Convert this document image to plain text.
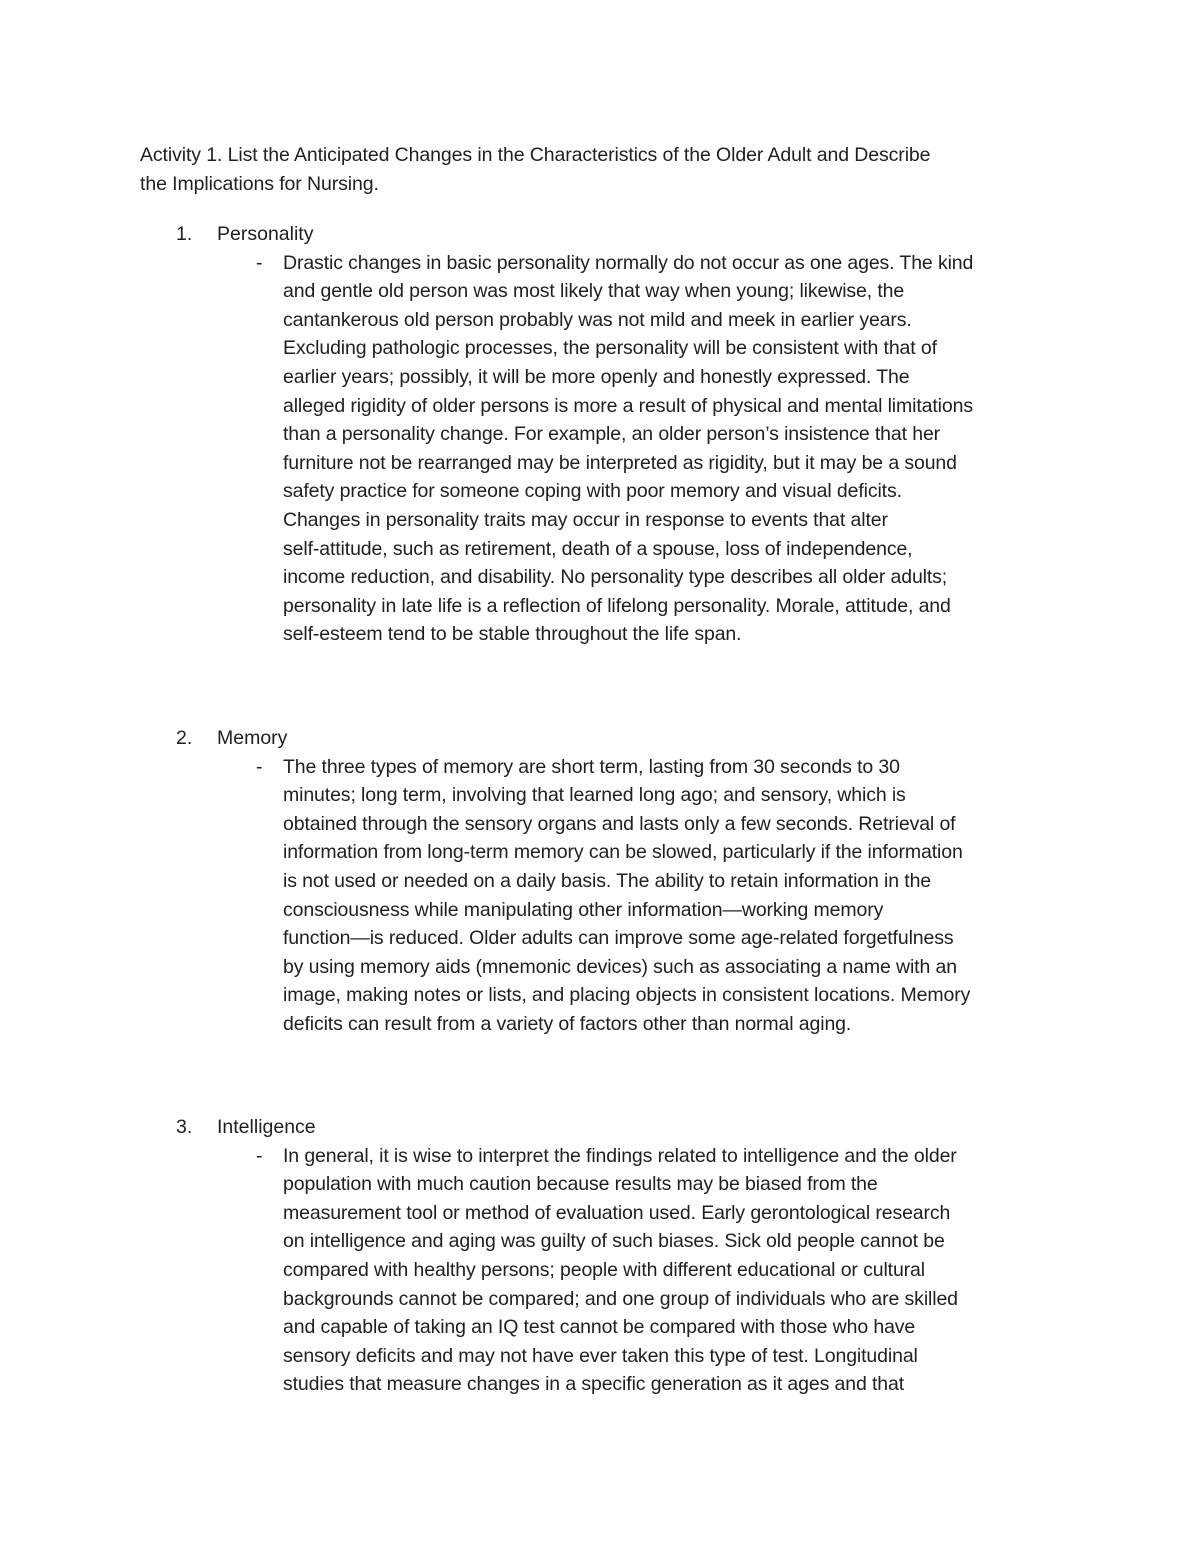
Activity 1. List the Anticipated Changes in the Characteristics of the Older Adult and Describe
the Implications for Nursing.
1. Personality
- Drastic changes in basic personality normally do not occur as one ages. The kind
and gentle old person was most likely that way when young; likewise, the
cantankerous old person probably was not mild and meek in earlier years.
Excluding pathologic processes, the personality will be consistent with that of
earlier years; possibly, it will be more openly and honestly expressed. The
alleged rigidity of older persons is more a result of physical and mental limitations
than a personality change. For example, an older person’s insistence that her
furniture not be rearranged may be interpreted as rigidity, but it may be a sound
safety practice for someone coping with poor memory and visual deficits.
Changes in personality traits may occur in response to events that alter
self-attitude, such as retirement, death of a spouse, loss of independence,
income reduction, and disability. No personality type describes all older adults;
personality in late life is a reflection of lifelong personality. Morale, attitude, and
self-esteem tend to be stable throughout the life span.
2. Memory
- The three types of memory are short term, lasting from 30 seconds to 30
minutes; long term, involving that learned long ago; and sensory, which is
obtained through the sensory organs and lasts only a few seconds. Retrieval of
information from long-term memory can be slowed, particularly if the information
is not used or needed on a daily basis. The ability to retain information in the
consciousness while manipulating other information—working memory
function—is reduced. Older adults can improve some age-related forgetfulness
by using memory aids (mnemonic devices) such as associating a name with an
image, making notes or lists, and placing objects in consistent locations. Memory
deficits can result from a variety of factors other than normal aging.
3. Intelligence
- In general, it is wise to interpret the findings related to intelligence and the older
population with much caution because results may be biased from the
measurement tool or method of evaluation used. Early gerontological research
on intelligence and aging was guilty of such biases. Sick old people cannot be
compared with healthy persons; people with different educational or cultural
backgrounds cannot be compared; and one group of individuals who are skilled
and capable of taking an IQ test cannot be compared with those who have
sensory deficits and may not have ever taken this type of test. Longitudinal
studies that measure changes in a specific generation as it ages and that
